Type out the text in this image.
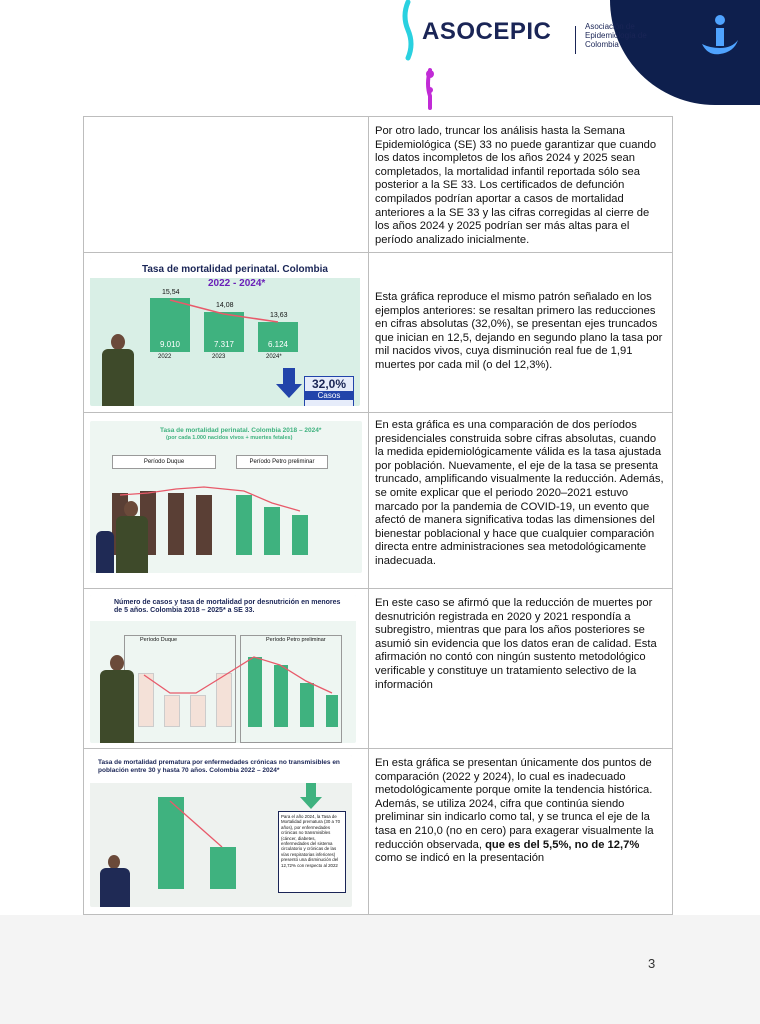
ASOCEPIC	Asociación de Epidemiología de Colombia
Por otro lado, truncar los análisis hasta la Semana Epidemiológica (SE) 33 no puede garantizar que cuando los datos incompletos de los años 2024 y 2025 sean completados, la mortalidad infantil reportada sólo sea posterior a la SE 33. Los certificados de defunción compilados podrían aportar a casos de mortalidad anteriores a la SE 33 y las cifras corregidas al cierre de los años 2024 y 2025 podrían ser más altas para el período analizado inicialmente.
Tasa de mortalidad perinatal. Colombia
2022 - 2024*
9.010	7.317	6.124
15,54
14,08
13,63
2022	2023	2024*
32,0%
Casos
Esta gráfica reproduce el mismo patrón señalado en los ejemplos anteriores: se resaltan primero las reducciones en cifras absolutas (32,0%), se presentan ejes truncados que inician en 12,5, dejando en segundo plano la tasa por mil nacidos vivos, cuya disminución real fue de 1,91 muertes por cada mil (o del 12,3%).
Tasa de mortalidad perinatal. Colombia 2018 – 2024*
(por cada 1.000 nacidos vivos + muertes fetales)
Período Duque	Período Petro preliminar
En esta gráfica es una comparación de dos períodos presidenciales construida sobre cifras absolutas, cuando la medida epidemiológicamente válida es la tasa ajustada por población. Nuevamente, el eje de la tasa se presenta truncado, amplificando visualmente la reducción. Además, se omite explicar que el periodo 2020–2021 estuvo marcado por la pandemia de COVID-19, un evento que afectó de manera significativa todas las dimensiones del bienestar poblacional y hace que cualquier comparación directa entre administraciones sea metodológicamente inadecuada.
Número de casos y tasa de mortalidad por desnutrición en menores de 5 años. Colombia 2018 – 2025* a SE 33.
Período Duque	Período Petro preliminar
En este caso se afirmó que la reducción de muertes por desnutrición registrada en 2020 y 2021 respondía a subregistro, mientras que para los años posteriores se asumió sin evidencia que los datos eran de calidad. Esta afirmación no contó con ningún sustento metodológico verificable y constituye un tratamiento selectivo de la información
Tasa de mortalidad prematura por enfermedades crónicas no transmisibles en población entre 30 y hasta 70 años. Colombia 2022 – 2024*
Para el año 2024, la Tasa de Mortalidad prematura (30 a 70 años), por enfermedades crónicas no transmisibles (cáncer, diabetes, enfermedades del sistema circulatorio y crónicas de las vías respiratorias inferiores) presentó una disminución del 12,72% con respecto al 2022
En esta gráfica se presentan únicamente dos puntos de comparación (2022 y 2024), lo cual es inadecuado metodológicamente porque omite la tendencia histórica. Además, se utiliza 2024, cifra que continúa siendo preliminar sin indicarlo como tal, y se trunca el eje de la tasa en 210,0 (no en cero) para exagerar visualmente la reducción observada, que es del 5,5%, no de 12,7% como se indicó en la presentación
3
